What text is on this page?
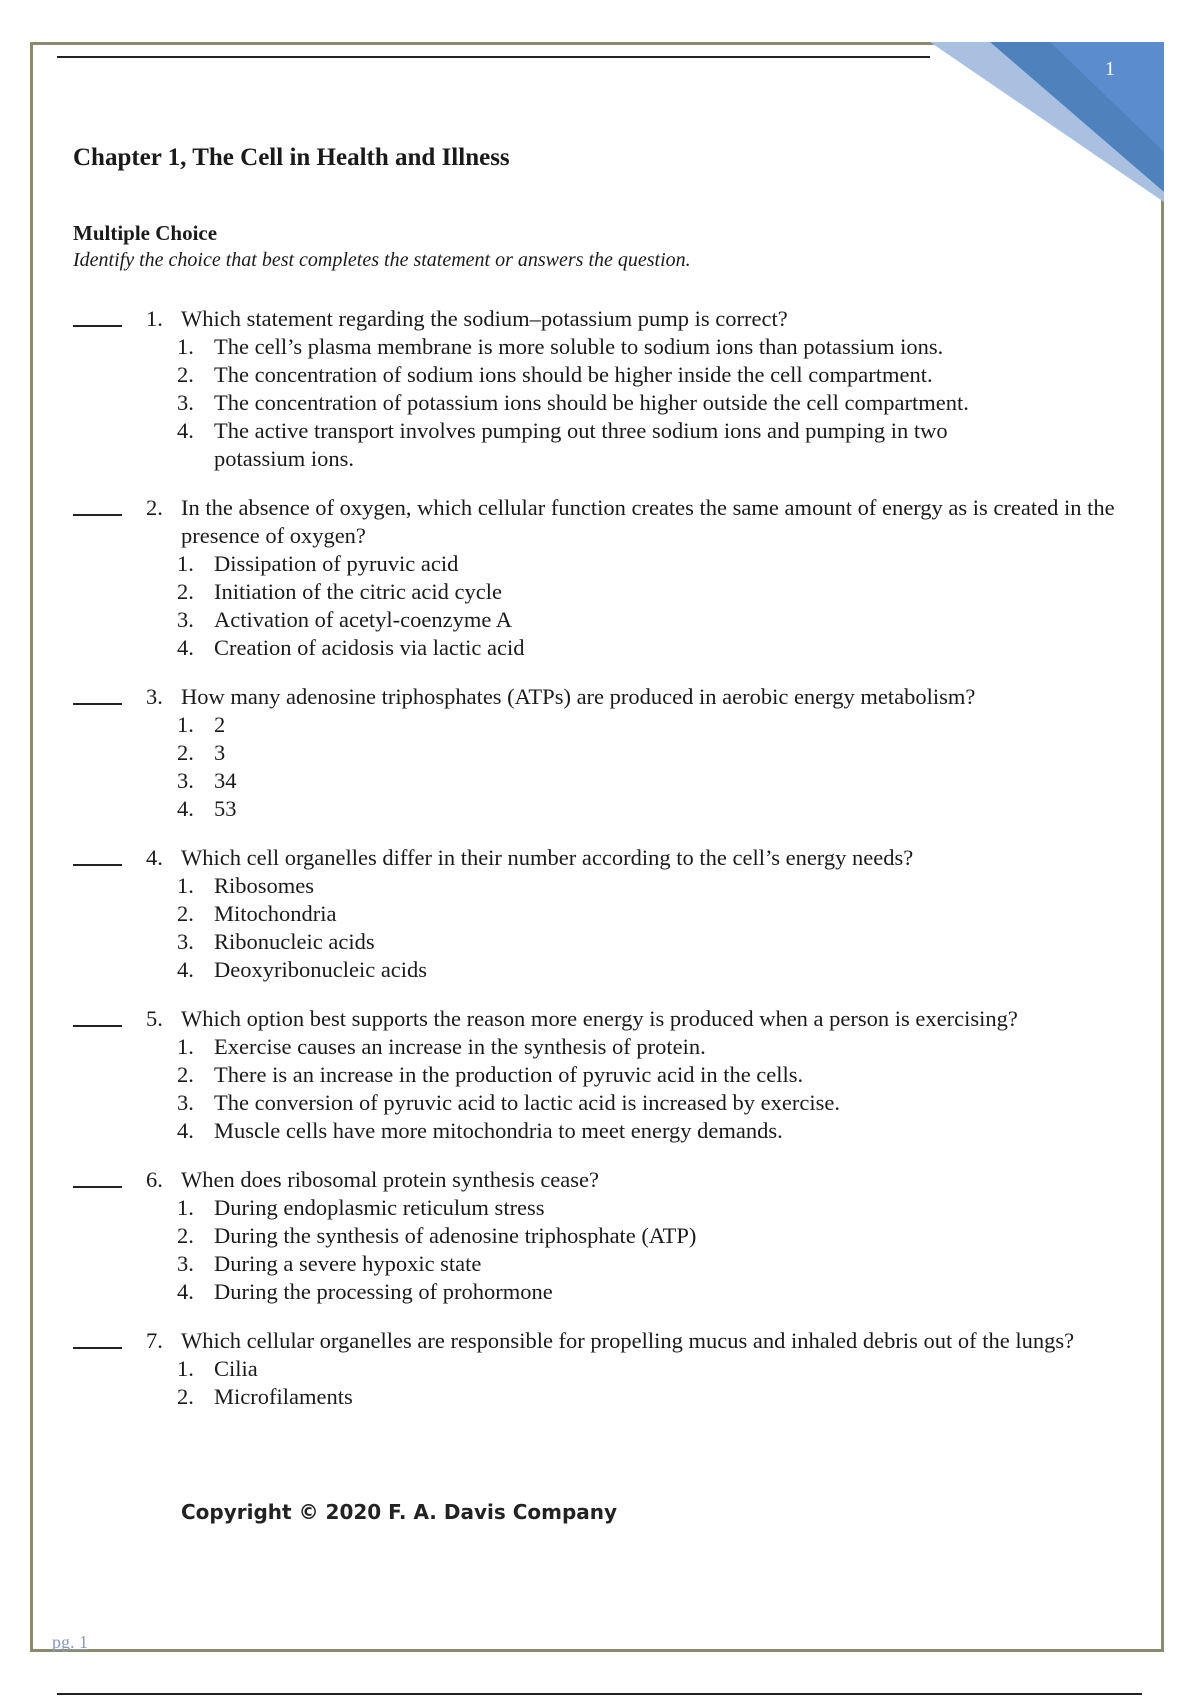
1
Chapter 1, The Cell in Health and Illness
Multiple Choice

Identify the choice that best completes the statement or answers the question.

1. Which statement regarding the sodium–potassium pump is correct?
1. The cell’s plasma membrane is more soluble to sodium ions than potassium ions.
2. The concentration of sodium ions should be higher inside the cell compartment.
3. The concentration of potassium ions should be higher outside the cell compartment.
4. The active transport involves pumping out three sodium ions and pumping in two potassium ions.
2. In the absence of oxygen, which cellular function creates the same amount of energy as is created in the presence of oxygen?
1. Dissipation of pyruvic acid
2. Initiation of the citric acid cycle
3. Activation of acetyl-coenzyme A
4. Creation of acidosis via lactic acid
3. How many adenosine triphosphates (ATPs) are produced in aerobic energy metabolism?
1. 2
2. 3
3. 34
4. 53
4. Which cell organelles differ in their number according to the cell’s energy needs?
1. Ribosomes
2. Mitochondria
3. Ribonucleic acids
4. Deoxyribonucleic acids
5. Which option best supports the reason more energy is produced when a person is exercising?
1. Exercise causes an increase in the synthesis of protein.
2. There is an increase in the production of pyruvic acid in the cells.
3. The conversion of pyruvic acid to lactic acid is increased by exercise.
4. Muscle cells have more mitochondria to meet energy demands.
6. When does ribosomal protein synthesis cease?
1. During endoplasmic reticulum stress
2. During the synthesis of adenosine triphosphate (ATP)
3. During a severe hypoxic state
4. During the processing of prohormone
7. Which cellular organelles are responsible for propelling mucus and inhaled debris out of the lungs?
1. Cilia
2. Microfilaments

Copyright © 2020 F. A. Davis Company

pg. 1
